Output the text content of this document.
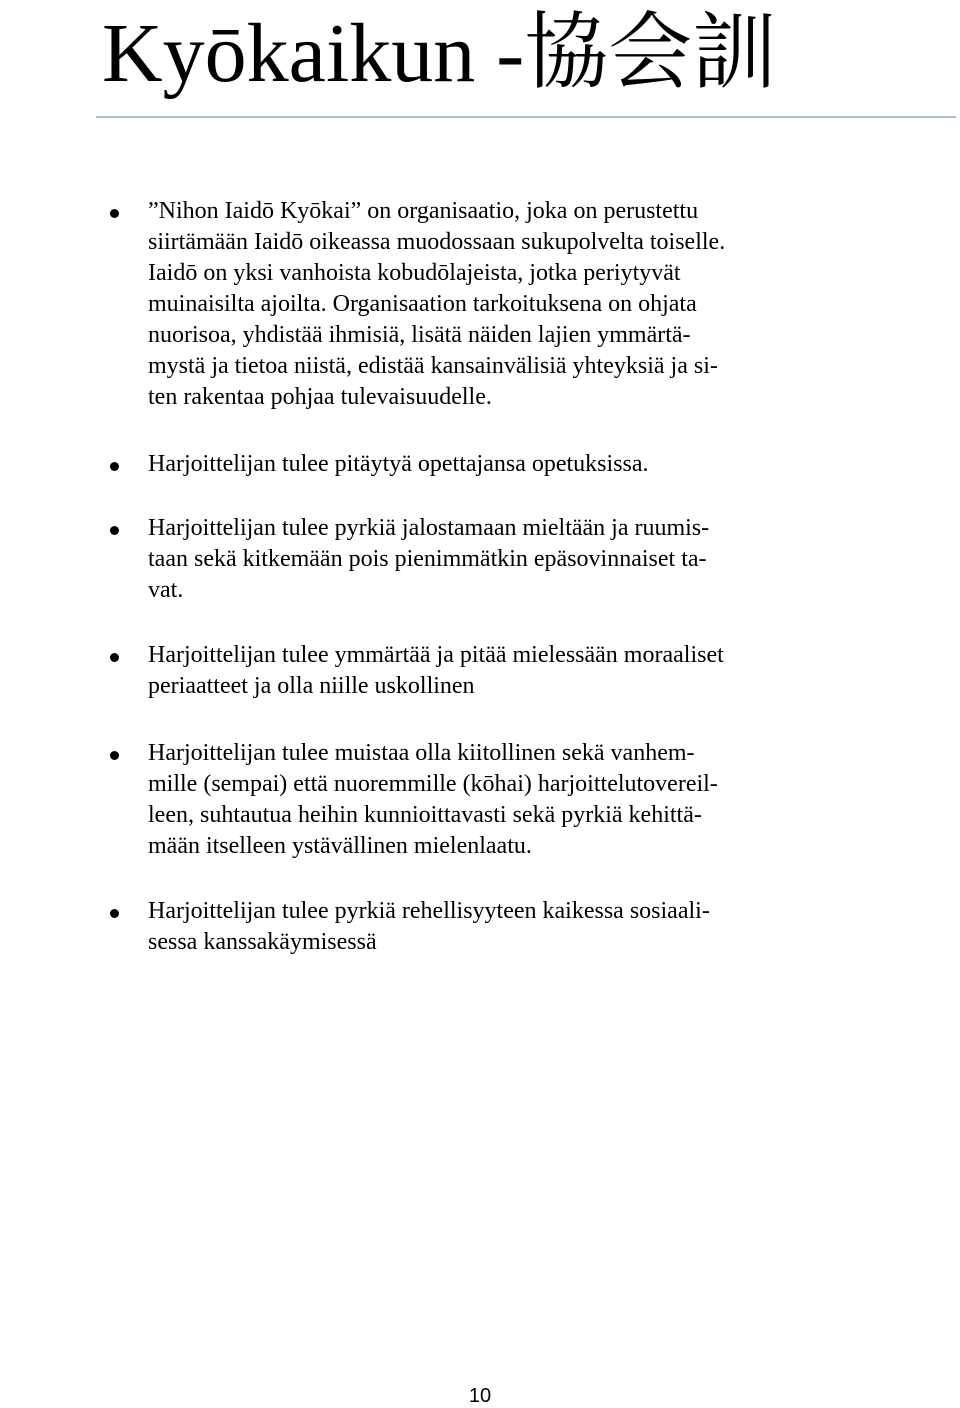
Kyōkaikun -協会訓
”Nihon Iaidō Kyōkai” on organisaatio, joka on perustettu
siirtämään Iaidō oikeassa muodossaan sukupolvelta toiselle.
Iaidō on yksi vanhoista kobudōlajeista, jotka periytyvät
muinaisilta ajoilta. Organisaation tarkoituksena on ohjata
nuorisoa, yhdistää ihmisiä, lisätä näiden lajien ymmärtä-
mystä ja tietoa niistä, edistää kansainvälisiä yhteyksiä ja si-
ten rakentaa pohjaa tulevaisuudelle.
Harjoittelijan tulee pitäytyä opettajansa opetuksissa.
Harjoittelijan tulee pyrkiä jalostamaan mieltään ja ruumis-
taan sekä kitkemään pois pienimmätkin epäsovinnaiset ta-
vat.
Harjoittelijan tulee ymmärtää ja pitää mielessään moraaliset
periaatteet ja olla niille uskollinen
Harjoittelijan tulee muistaa olla kiitollinen sekä vanhem-
mille (sempai) että nuoremmille (kōhai) harjoittelutovereil-
leen, suhtautua heihin kunnioittavasti sekä pyrkiä kehittä-
mään itselleen ystävällinen mielenlaatu.
Harjoittelijan tulee pyrkiä rehellisyyteen kaikessa sosiaali-
sessa kanssakäymisessä
10
